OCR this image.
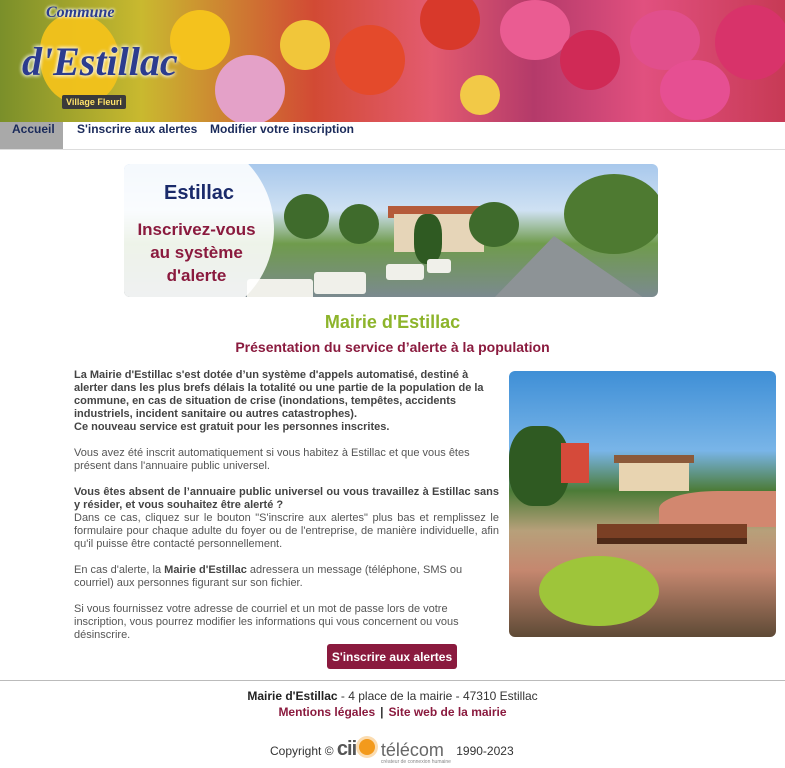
Commune
d'Estillac
Village Fleuri
Accueil	S'inscrire aux alertes Modifier votre inscription
Estillac
Inscrivez-vous au système d'alerte
Mairie d'Estillac
Présentation du service d’alerte à la population

La Mairie d'Estillac s'est dotée d’un système d'appels automatisé, destiné à alerter dans les plus brefs délais la totalité ou une partie de la population de la commune, en cas de situation de crise (inondations, tempêtes, accidents industriels, incident sanitaire ou autres catastrophes).
Ce nouveau service est gratuit pour les personnes inscrites.

Vous avez été inscrit automatiquement si vous habitez à Estillac et que vous êtes présent dans l'annuaire public universel.

Vous êtes absent de l’annuaire public universel ou vous travaillez à Estillac sans y résider, et vous souhaitez être alerté ?
Dans ce cas, cliquez sur le bouton "S'inscrire aux alertes" plus bas et remplissez le formulaire pour chaque adulte du foyer ou de l'entreprise, de manière individuelle, afin qu'il puisse être contacté personnellement.

En cas d'alerte, la Mairie d'Estillac adressera un message (téléphone, SMS ou courriel) aux personnes figurant sur son fichier.

Si vous fournissez votre adresse de courriel et un mot de passe lors de votre inscription, vous pourrez modifier les informations qui vous concernent ou vous désinscrire.

S'inscrire aux alertes
Mairie d'Estillac - 4 place de la mairie - 47310 Estillac
Mentions légales | Site web de la mairie
Copyright © cii télécom
créateur de connexion humaine
1990-2023
